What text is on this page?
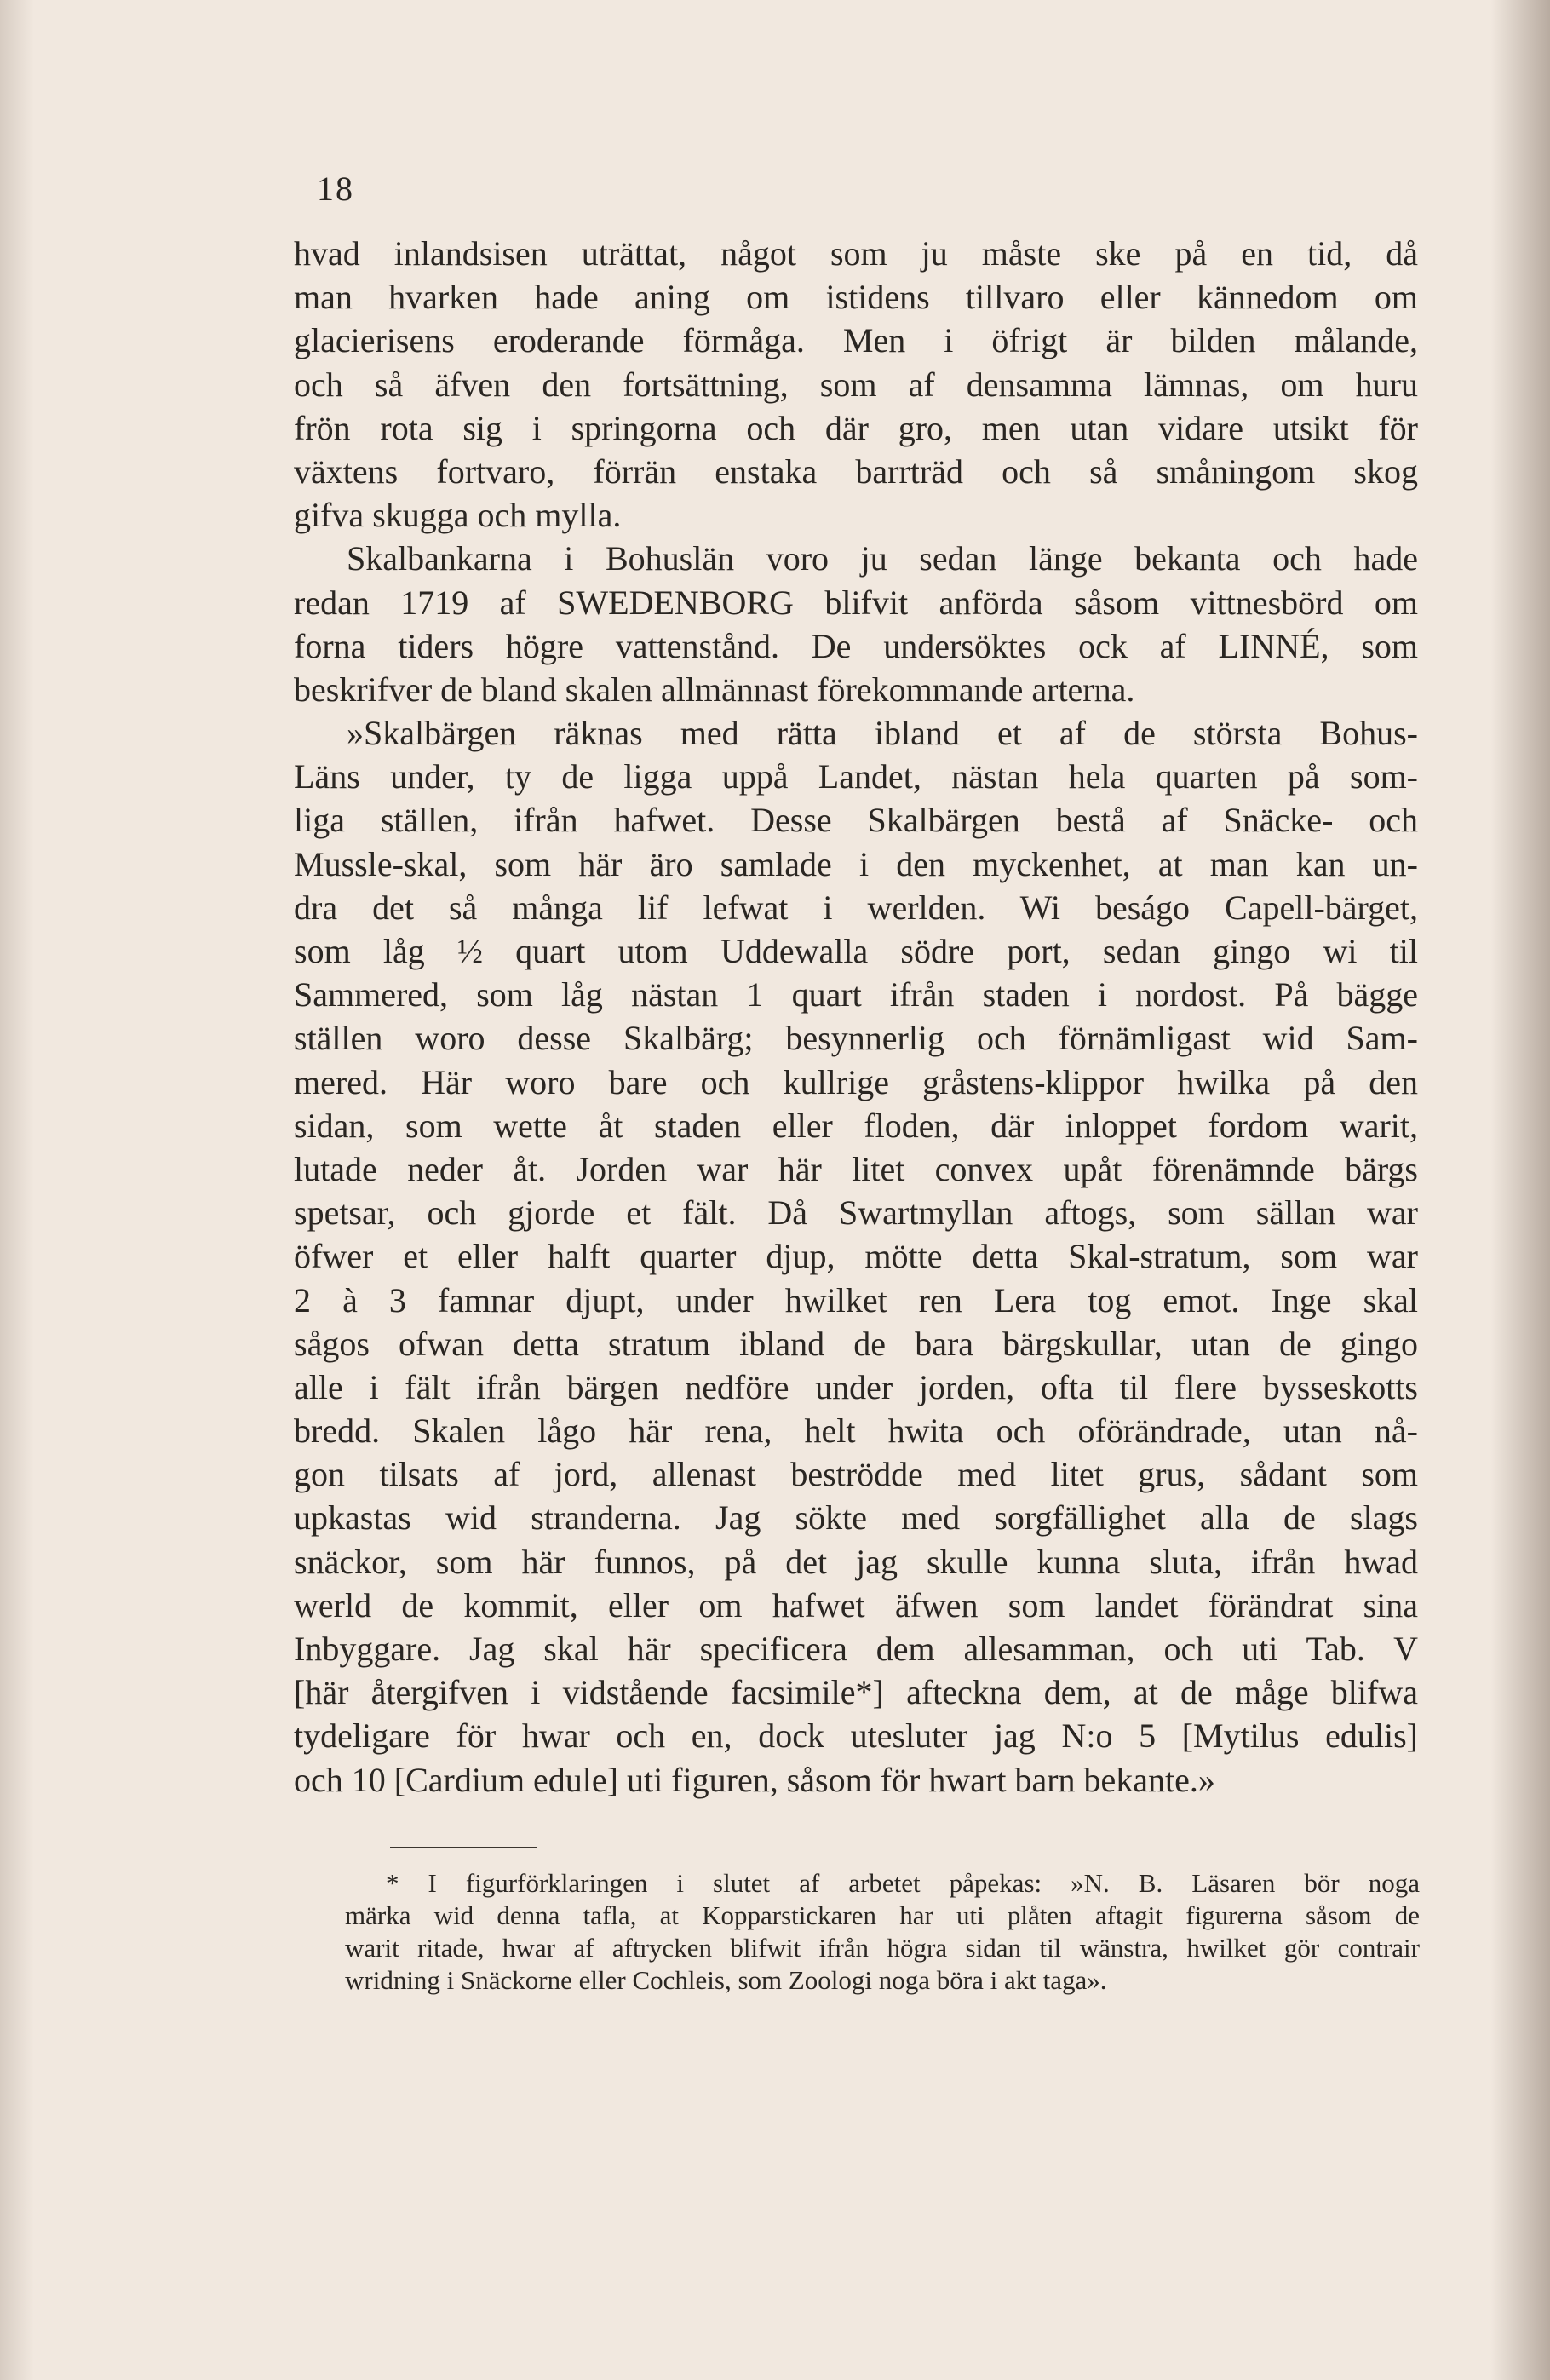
18
hvad inlandsisen uträttat, något som ju måste ske på en tid, då
man hvarken hade aning om istidens tillvaro eller kännedom om
glacierisens eroderande förmåga. Men i öfrigt är bilden målande,
och så äfven den fortsättning, som af densamma lämnas, om huru
frön rota sig i springorna och där gro, men utan vidare utsikt för
växtens fortvaro, förrän enstaka barrträd och så småningom skog
gifva skugga och mylla.
Skalbankarna i Bohuslän voro ju sedan länge bekanta och hade
redan 1719 af SWEDENBORG blifvit anförda såsom vittnesbörd om
forna tiders högre vattenstånd. De undersöktes ock af LINNÉ, som
beskrifver de bland skalen allmännast förekommande arterna.
»Skalbärgen räknas med rätta ibland et af de största Bohus-
Läns under, ty de ligga uppå Landet, nästan hela quarten på som-
liga ställen, ifrån hafwet. Desse Skalbärgen bestå af Snäcke- och
Mussle-skal, som här äro samlade i den myckenhet, at man kan un-
dra det så många lif lefwat i werlden. Wi beságo Capell-bärget,
som låg ½ quart utom Uddewalla södre port, sedan gingo wi til
Sammered, som låg nästan 1 quart ifrån staden i nordost. På bägge
ställen woro desse Skalbärg; besynnerlig och förnämligast wid Sam-
mered. Här woro bare och kullrige gråstens-klippor hwilka på den
sidan, som wette åt staden eller floden, där inloppet fordom warit,
lutade neder åt. Jorden war här litet convex upåt förenämnde bärgs
spetsar, och gjorde et fält. Då Swartmyllan aftogs, som sällan war
öfwer et eller halft quarter djup, mötte detta Skal-stratum, som war
2 à 3 famnar djupt, under hwilket ren Lera tog emot. Inge skal
sågos ofwan detta stratum ibland de bara bärgskullar, utan de gingo
alle i fält ifrån bärgen nedföre under jorden, ofta til flere bysseskotts
bredd. Skalen lågo här rena, helt hwita och oförändrade, utan nå-
gon tilsats af jord, allenast beströdde med litet grus, sådant som
upkastas wid stranderna. Jag sökte med sorgfällighet alla de slags
snäckor, som här funnos, på det jag skulle kunna sluta, ifrån hwad
werld de kommit, eller om hafwet äfwen som landet förändrat sina
Inbyggare. Jag skal här specificera dem allesamman, och uti Tab. V
[här återgifven i vidstående facsimile*] afteckna dem, at de måge blifwa
tydeligare för hwar och en, dock utesluter jag N:o 5 [Mytilus edulis]
och 10 [Cardium edule] uti figuren, såsom för hwart barn bekante.»
* I figurförklaringen i slutet af arbetet påpekas: »N. B. Läsaren bör noga
märka wid denna tafla, at Kopparstickaren har uti plåten aftagit figurerna såsom de
warit ritade, hwar af aftrycken blifwit ifrån högra sidan til wänstra, hwilket gör contrair
wridning i Snäckorne eller Cochleis, som Zoologi noga böra i akt taga».
